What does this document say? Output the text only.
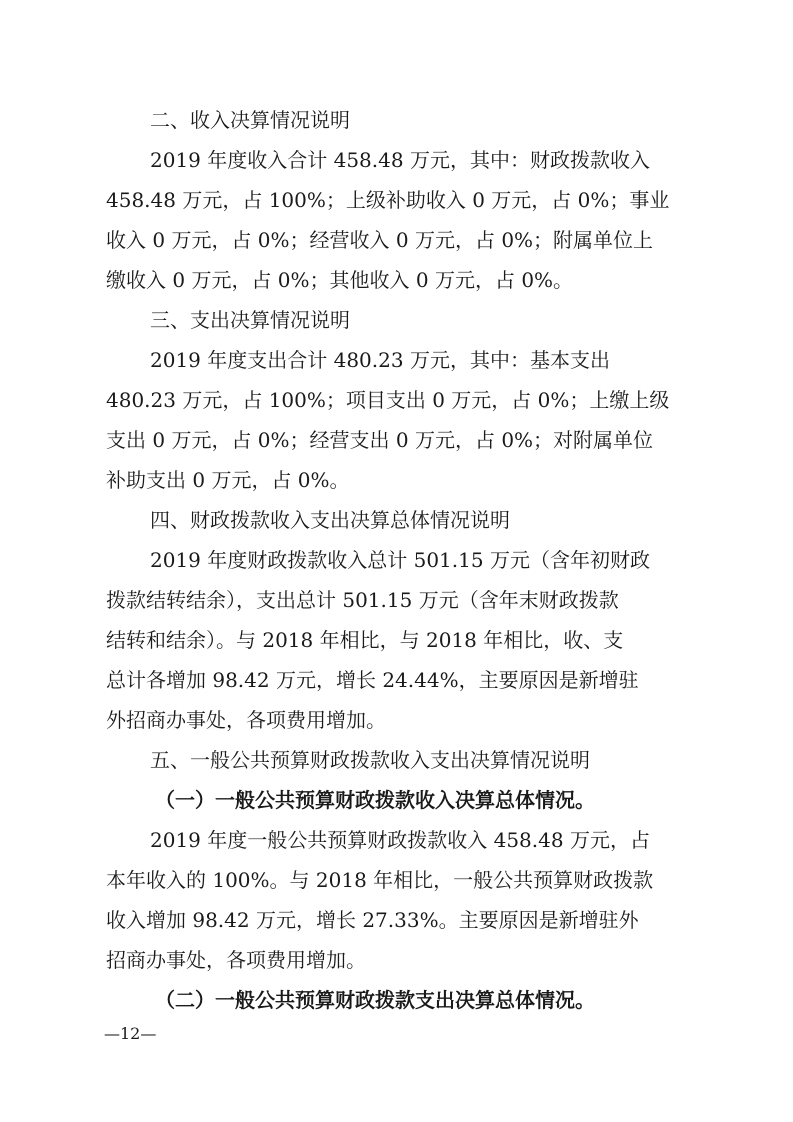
二、收入决算情况说明
2019 年度收入合计 458.48 万元，其中：财政拨款收入
458.48 万元，占 100%；上级补助收入 0 万元，占 0%；事业
收入 0 万元，占 0%；经营收入 0 万元，占 0%；附属单位上
缴收入 0 万元，占 0%；其他收入 0 万元，占 0%。
三、支出决算情况说明
2019 年度支出合计 480.23 万元，其中：基本支出
480.23 万元，占 100%；项目支出 0 万元，占 0%；上缴上级
支出 0 万元，占 0%；经营支出 0 万元，占 0%；对附属单位
补助支出 0 万元，占 0%。
四、财政拨款收入支出决算总体情况说明
2019 年度财政拨款收入总计 501.15 万元（含年初财政
拨款结转结余），支出总计 501.15 万元（含年末财政拨款
结转和结余）。与 2018 年相比，与 2018 年相比，收、支
总计各增加 98.42 万元，增长 24.44%，主要原因是新增驻
外招商办事处，各项费用增加。
五、一般公共预算财政拨款收入支出决算情况说明
（一）一般公共预算财政拨款收入决算总体情况。
2019 年度一般公共预算财政拨款收入 458.48 万元，占
本年收入的 100%。与 2018 年相比，一般公共预算财政拨款
收入增加 98.42 万元，增长 27.33%。主要原因是新增驻外
招商办事处，各项费用增加。
（二）一般公共预算财政拨款支出决算总体情况。
—12—
